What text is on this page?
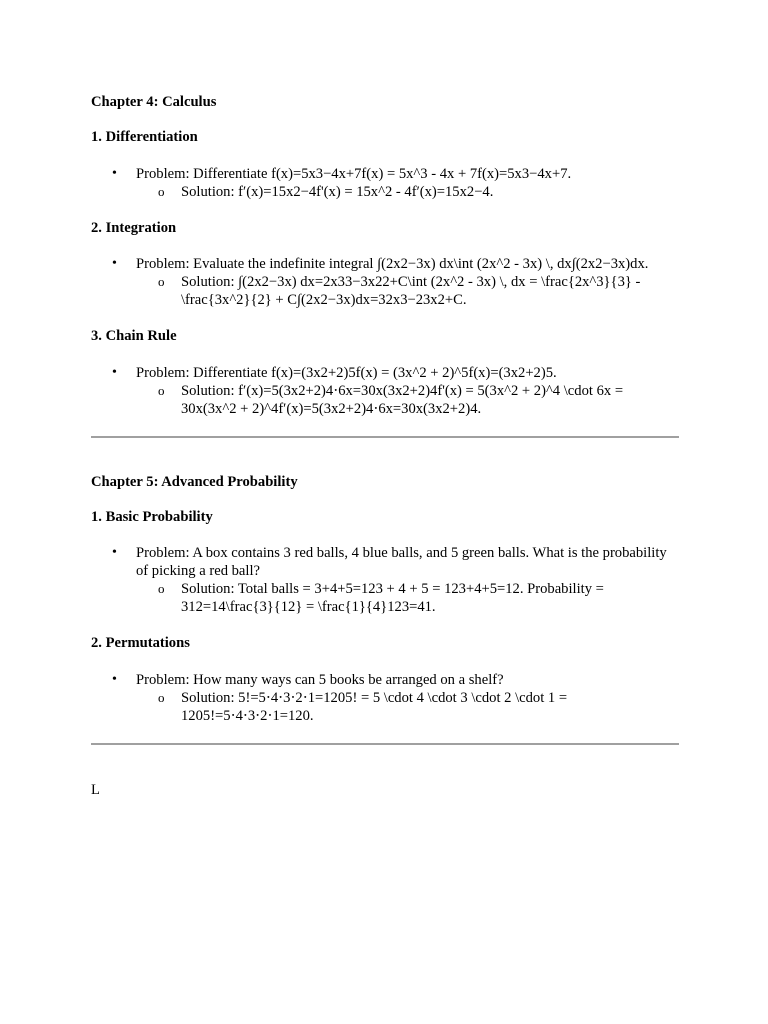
Chapter 4: Calculus
1. Differentiation
• Problem: Differentiate f(x)=5x3−4x+7f(x) = 5x^3 - 4x + 7f(x)=5x3−4x+7.
o Solution: f′(x)=15x2−4f'(x) = 15x^2 - 4f′(x)=15x2−4.
2. Integration
• Problem: Evaluate the indefinite integral ∫(2x2−3x) dx\int (2x^2 - 3x) \, dx∫(2x2−3x)dx.
o Solution: ∫(2x2−3x) dx=2x33−3x22+C\int (2x^2 - 3x) \, dx = \frac{2x^3}{3} - \frac{3x^2}{2} + C∫(2x2−3x)dx=32x3−23x2+C.
3. Chain Rule
• Problem: Differentiate f(x)=(3x2+2)5f(x) = (3x^2 + 2)^5f(x)=(3x2+2)5.
o Solution: f′(x)=5(3x2+2)4⋅6x=30x(3x2+2)4f'(x) = 5(3x^2 + 2)^4 \cdot 6x = 30x(3x^2 + 2)^4f′(x)=5(3x2+2)4⋅6x=30x(3x2+2)4.
Chapter 5: Advanced Probability
1. Basic Probability
• Problem: A box contains 3 red balls, 4 blue balls, and 5 green balls. What is the probability of picking a red ball?
o Solution: Total balls = 3+4+5=123 + 4 + 5 = 123+4+5=12. Probability = 312=14\frac{3}{12} = \frac{1}{4}123=41.
2. Permutations
• Problem: How many ways can 5 books be arranged on a shelf?
o Solution: 5!=5⋅4⋅3⋅2⋅1=1205! = 5 \cdot 4 \cdot 3 \cdot 2 \cdot 1 = 1205!=5⋅4⋅3⋅2⋅1=120.
L
